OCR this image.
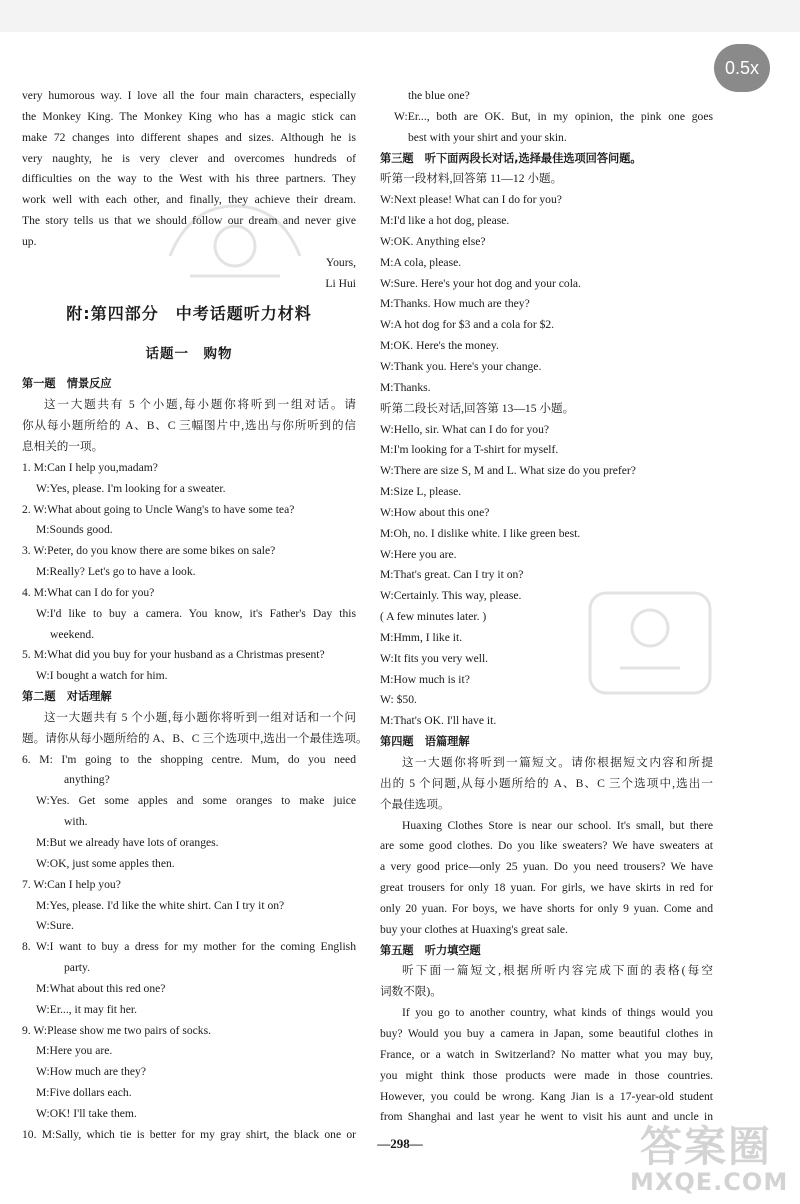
0.5x
very humorous way. I love all the four main characters, especially
the Monkey King. The Monkey King who has a magic stick can
make 72 changes into different shapes and sizes. Although he is
very naughty, he is very clever and overcomes hundreds of
difficulties on the way to the West with his three partners. They
work well with each other, and finally, they achieve their dream.
The story tells us that we should follow our dream and never give
up.
Yours,
Li Hui
附:第四部分　中考话题听力材料
话题一　购物
第一题　情景反应
这一大题共有 5 个小题,每小题你将听到一组对话。请
你从每小题所给的 A、B、C 三幅图片中,选出与你所听到的信
息相关的一项。
1. M:Can I help you,madam?
W:Yes, please. I'm looking for a sweater.
2. W:What about going to Uncle Wang's to have some tea?
M:Sounds good.
3. W:Peter, do you know there are some bikes on sale?
M:Really? Let's go to have a look.
4. M:What can I do for you?
W:I'd like to buy a camera. You know, it's Father's Day this
weekend.
5. M:What did you buy for your husband as a Christmas present?
W:I bought a watch for him.
第二题　对话理解
这一大题共有 5 个小题,每小题你将听到一组对话和一个问
题。请你从每小题所给的 A、B、C 三个选项中,选出一个最佳选项。
6. M: I'm going to the shopping centre. Mum, do you need
anything?
W:Yes. Get some apples and some oranges to make juice
with.
M:But we already have lots of oranges.
W:OK, just some apples then.
7. W:Can I help you?
M:Yes, please. I'd like the white shirt. Can I try it on?
W:Sure.
8. W:I want to buy a dress for my mother for the coming English
party.
M:What about this red one?
W:Er..., it may fit her.
9. W:Please show me two pairs of socks.
M:Here you are.
W:How much are they?
M:Five dollars each.
W:OK! I'll take them.
10. M:Sally, which tie is better for my gray shirt, the black one or
the blue one?
W:Er..., both are OK. But, in my opinion, the pink one goes
best with your shirt and your skin.
第三题　听下面两段长对话,选择最佳选项回答问题。
听第一段材料,回答第 11—12 小题。
W:Next please! What can I do for you?
M:I'd like a hot dog, please.
W:OK. Anything else?
M:A cola, please.
W:Sure. Here's your hot dog and your cola.
M:Thanks. How much are they?
W:A hot dog for $3 and a cola for $2.
M:OK. Here's the money.
W:Thank you. Here's your change.
M:Thanks.
听第二段长对话,回答第 13—15 小题。
W:Hello, sir. What can I do for you?
M:I'm looking for a T-shirt for myself.
W:There are size S, M and L. What size do you prefer?
M:Size L, please.
W:How about this one?
M:Oh, no. I dislike white. I like green best.
W:Here you are.
M:That's great. Can I try it on?
W:Certainly. This way, please.
( A few minutes later. )
M:Hmm, I like it.
W:It fits you very well.
M:How much is it?
W: $50.
M:That's OK. I'll have it.
第四题　语篇理解
这一大题你将听到一篇短文。请你根据短文内容和所提
出的 5 个问题,从每小题所给的 A、B、C 三个选项中,选出一
个最佳选项。
Huaxing Clothes Store is near our school. It's small, but there
are some good clothes. Do you like sweaters? We have sweaters at
a very good price—only 25 yuan. Do you need trousers? We have
great trousers for only 18 yuan. For girls, we have skirts in red for
only 20 yuan. For boys, we have shorts for only 9 yuan. Come and
buy your clothes at Huaxing's great sale.
第五题　听力填空题
听下面一篇短文,根据所听内容完成下面的表格(每空
词数不限)。
If you go to another country, what kinds of things would you
buy? Would you buy a camera in Japan, some beautiful clothes in
France, or a watch in Switzerland? No matter what you may buy,
you might think those products were made in those countries.
However, you could be wrong. Kang Jian is a 17-year-old student
from Shanghai and last year he went to visit his aunt and uncle in
—298—	答案圈
MXQE.COM
